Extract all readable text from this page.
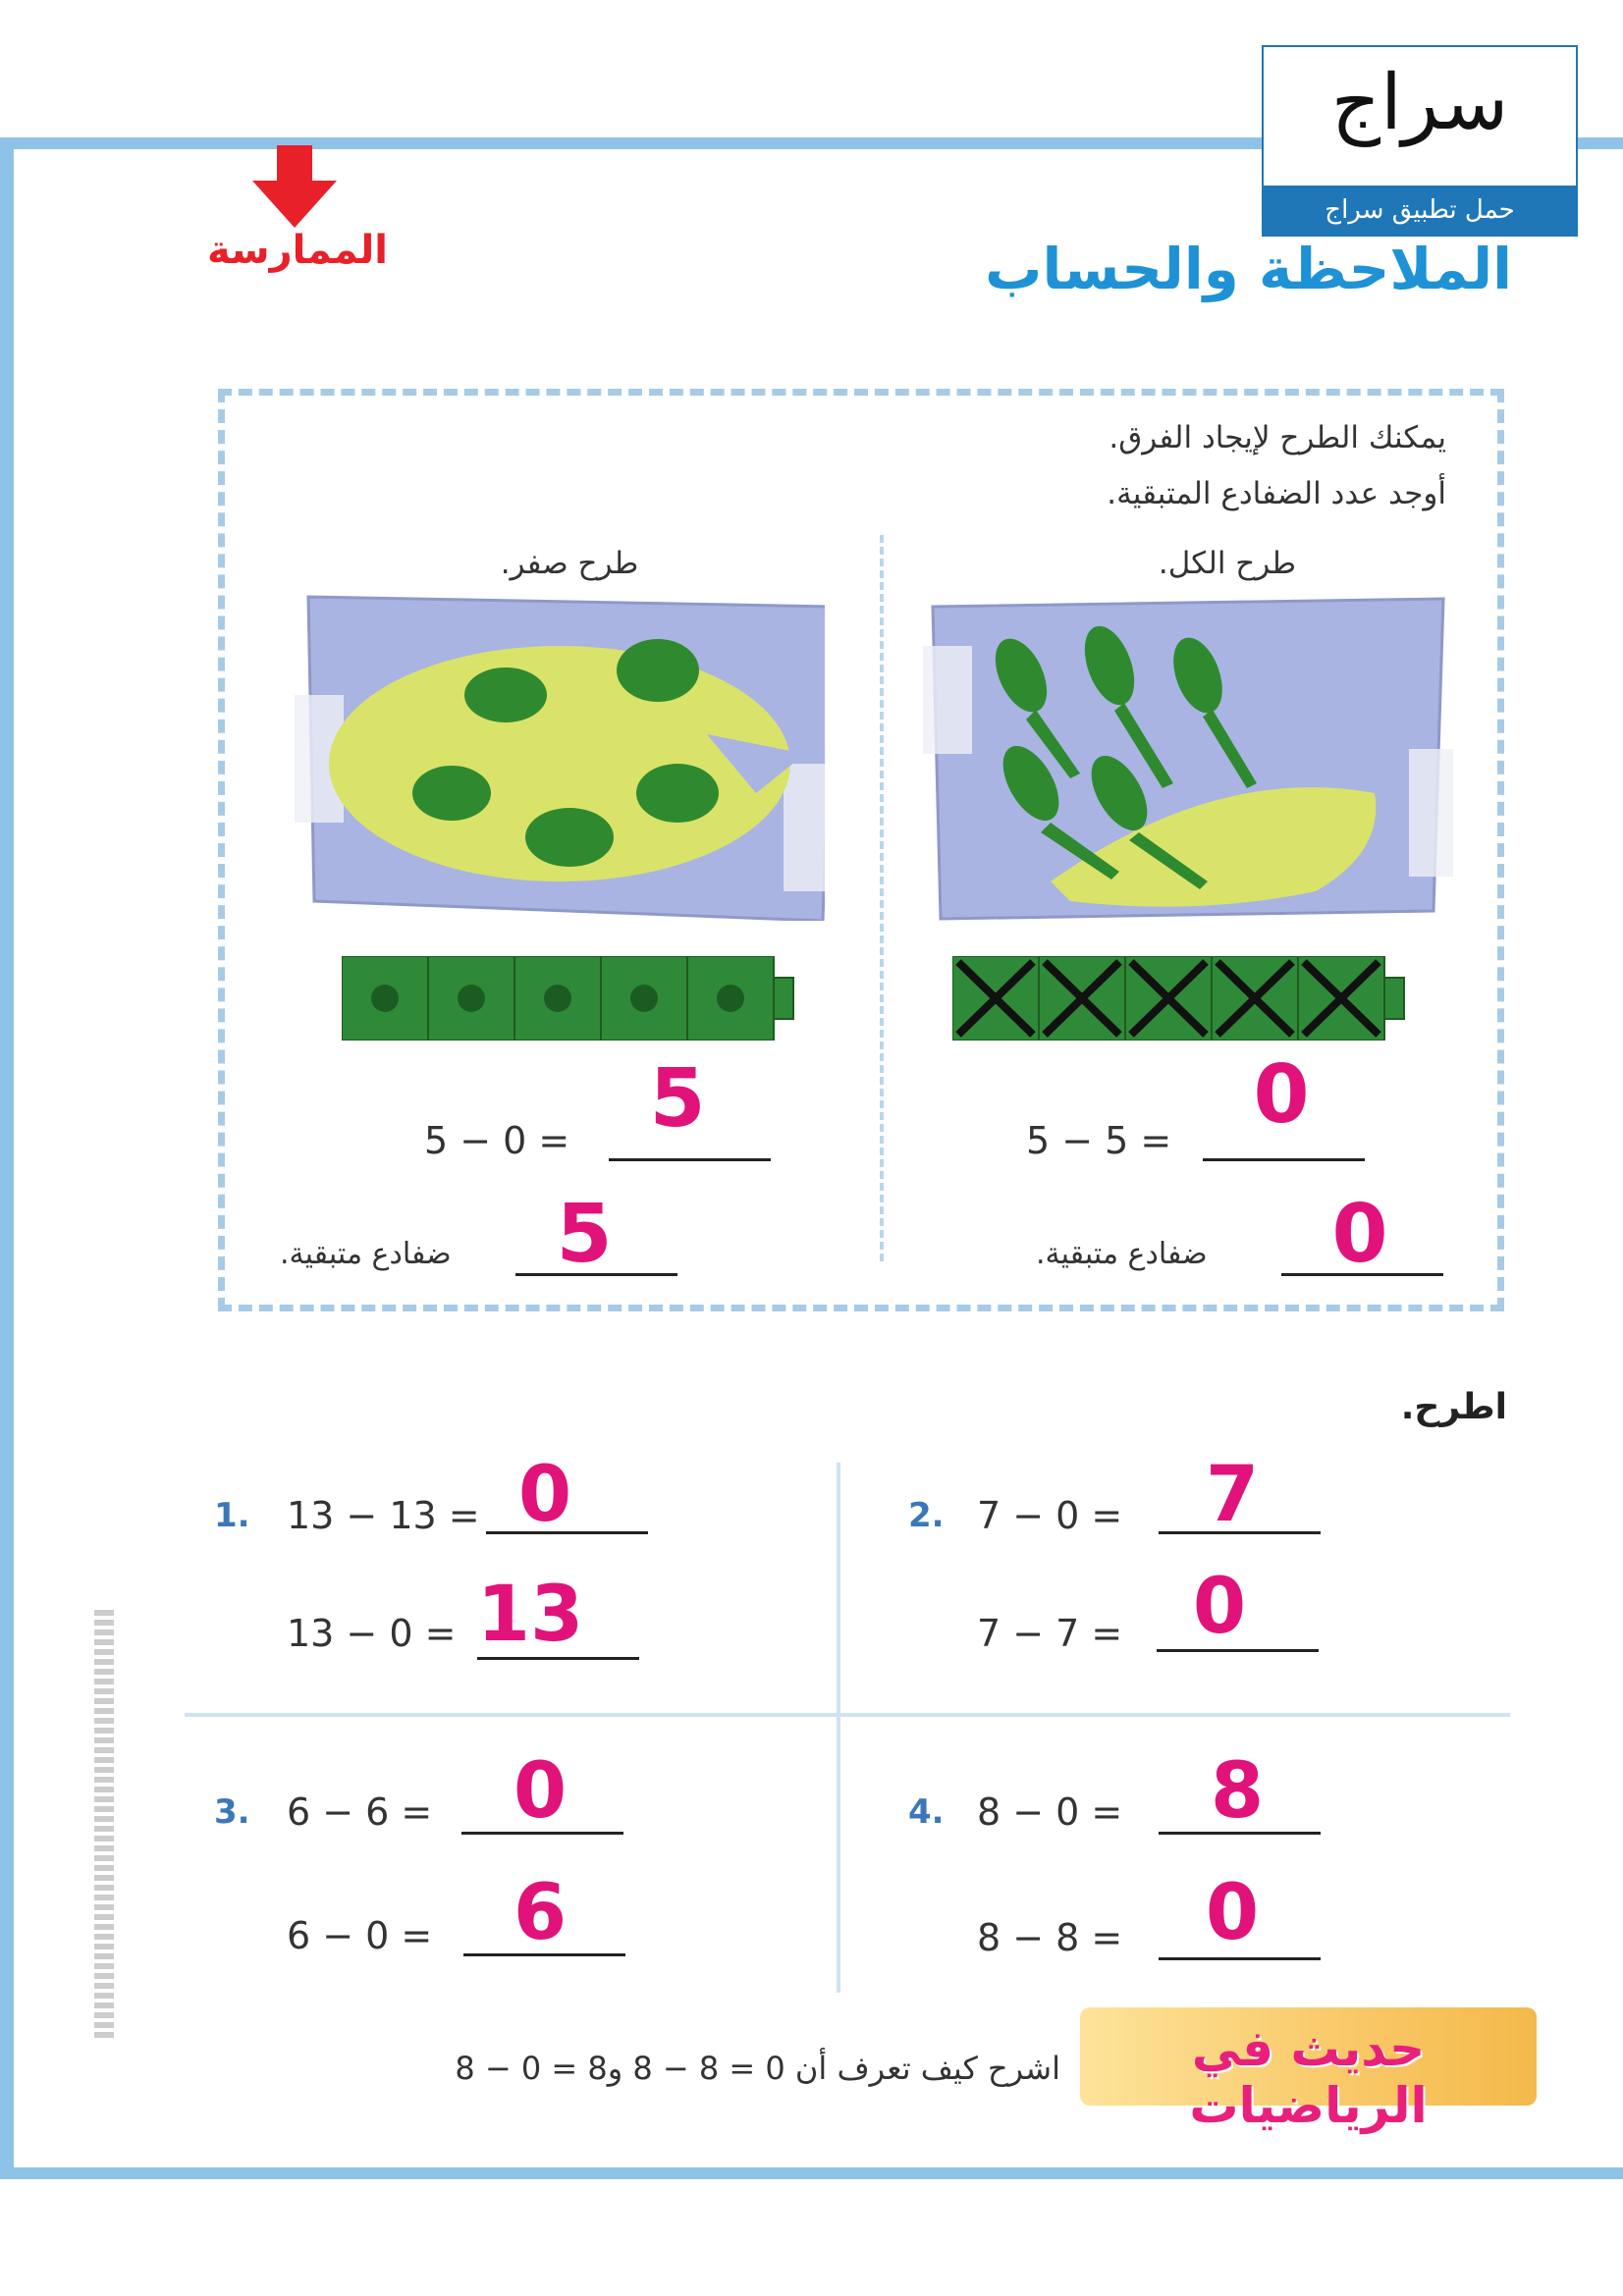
سراج
حمل تطبيق سراج
الممارسة	الملاحظة والحساب
يمكنك الطرح لإيجاد الفرق.
أوجد عدد الضفادع المتبقية.
طرح الكل.
طرح صفر.
5 − 5 = 0
ضفادع متبقية. 0
5 − 0 = 5
ضفادع متبقية. 5
اطرح.
1. 13 − 13 = 0
13 − 0 = 13
2. 7 − 0 = 7
7 − 7 = 0
3. 6 − 6 = 0
6 − 0 = 6
4. 8 − 0 = 8
8 − 8 = 0
حديث في الرياضيات
اشرح كيف تعرف أن 0 = 8 − 8 و8 = 0 − 8
